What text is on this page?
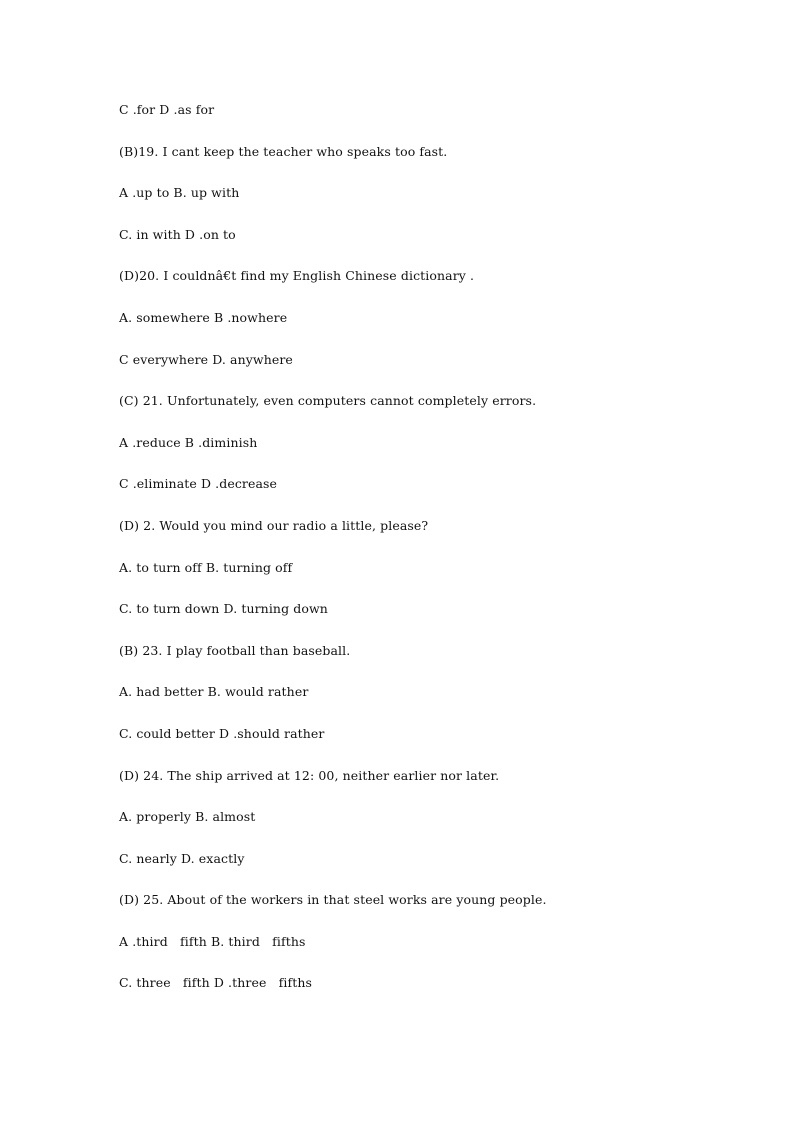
C .for D .as for
(B)19. I cant keep the teacher who speaks too fast.
A .up to B. up with
C. in with D .on to
(D)20. I couldnâ€t find my English Chinese dictionary .
A. somewhere B .nowhere
C everywhere D. anywhere
(C) 21. Unfortunately, even computers cannot completely errors.
A .reduce B .diminish
C .eliminate D .decrease
(D) 2. Would you mind our radio a little, please?
A. to turn off B. turning off
C. to turn down D. turning down
(B) 23. I play football than baseball.
A. had better B. would rather
C. could better D .should rather
(D) 24. The ship arrived at 12: 00, neither earlier nor later.
A. properly B. almost
C. nearly D. exactly
(D) 25. About of the workers in that steel works are young people.
A .third   fifth B. third   fifths
C. three   fifth D .three   fifths
